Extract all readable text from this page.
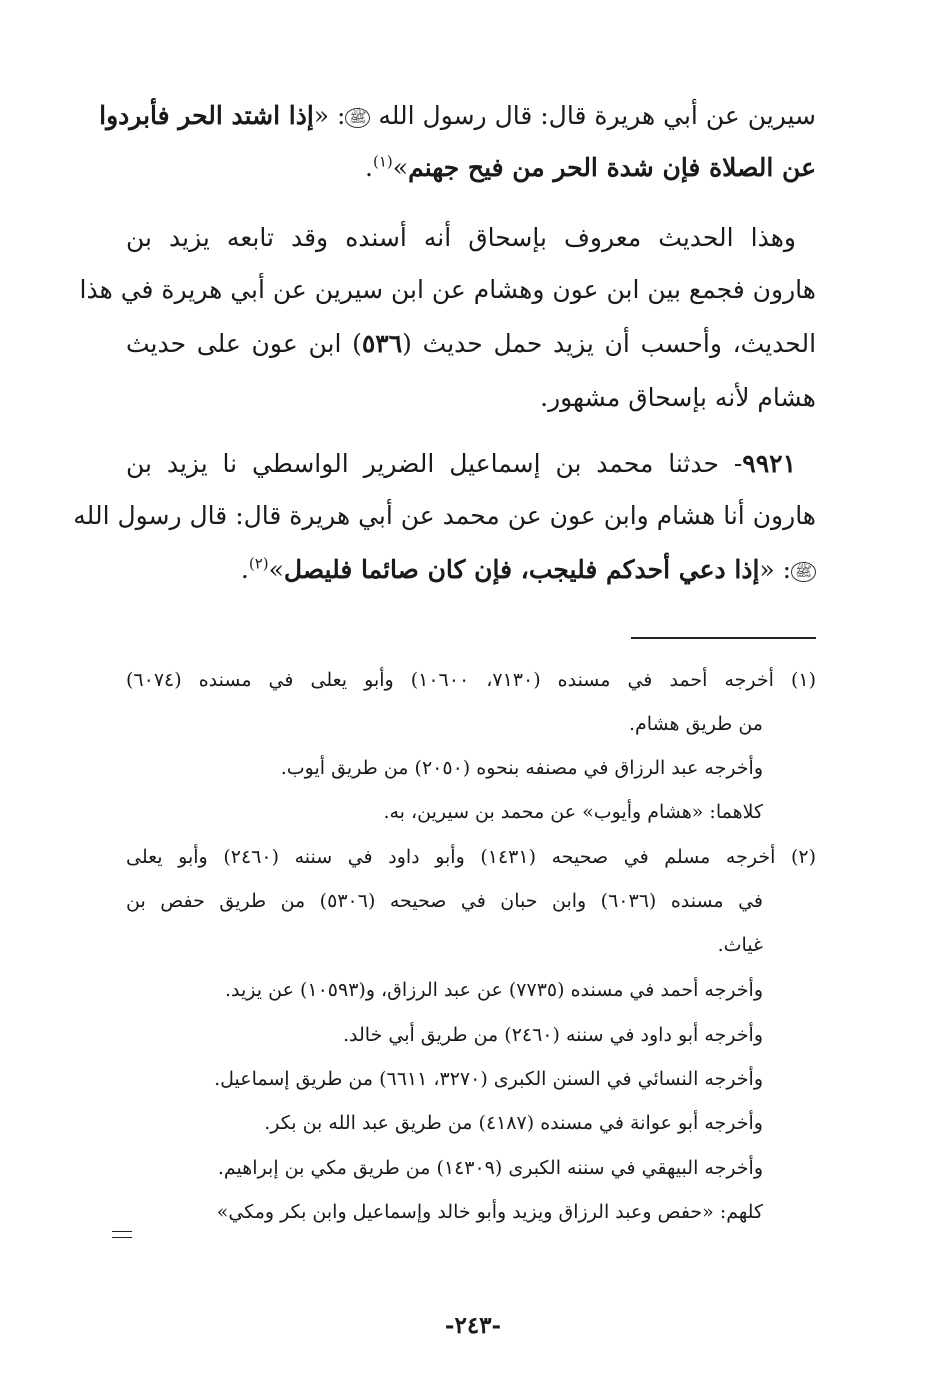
سيرين عن أبي هريرة قال: قال رسول الله ﷺ: «إذا اشتد الحر فأبردوا
عن الصلاة فإن شدة الحر من فيح جهنم»$^{(١)}$.
وهذا الحديث معروف بإسحاق أنه أسنده وقد تابعه يزيد بن
هارون فجمع بين ابن عون وهشام عن ابن سيرين عن أبي هريرة في هذا
الحديث، وأحسب أن يزيد حمل حديث (٥٣٦) ابن عون على حديث
هشام لأنه بإسحاق مشهور.
٩٩٢١- حدثنا محمد بن إسماعيل الضرير الواسطي نا يزيد بن
هارون أنا هشام وابن عون عن محمد عن أبي هريرة قال: قال رسول الله
ﷺ: «إذا دعي أحدكم فليجب، فإن كان صائما فليصل»$^{(٢)}$.
(١) أخرجه أحمد في مسنده (٧١٣٠، ١٠٦٠٠) وأبو يعلى في مسنده (٦٠٧٤)
من طريق هشام.
وأخرجه عبد الرزاق في مصنفه بنحوه (٢٠٥٠) من طريق أيوب.
كلاهما: «هشام وأيوب» عن محمد بن سيرين، به.
(٢) أخرجه مسلم في صحيحه (١٤٣١) وأبو داود في سننه (٢٤٦٠) وأبو يعلى
في مسنده (٦٠٣٦) وابن حبان في صحيحه (٥٣٠٦) من طريق حفص بن
غياث.
وأخرجه أحمد في مسنده (٧٧٣٥) عن عبد الرزاق، و(١٠٥٩٣) عن يزيد.
وأخرجه أبو داود في سننه (٢٤٦٠) من طريق أبي خالد.
وأخرجه النسائي في السنن الكبرى (٣٢٧٠، ٦٦١١) من طريق إسماعيل.
وأخرجه أبو عوانة في مسنده (٤١٨٧) من طريق عبد الله بن بكر.
وأخرجه البيهقي في سننه الكبرى (١٤٣٠٩) من طريق مكي بن إبراهيم.
كلهم: «حفص وعبد الرزاق ويزيد وأبو خالد وإسماعيل وابن بكر ومكي»
-٢٤٣-
